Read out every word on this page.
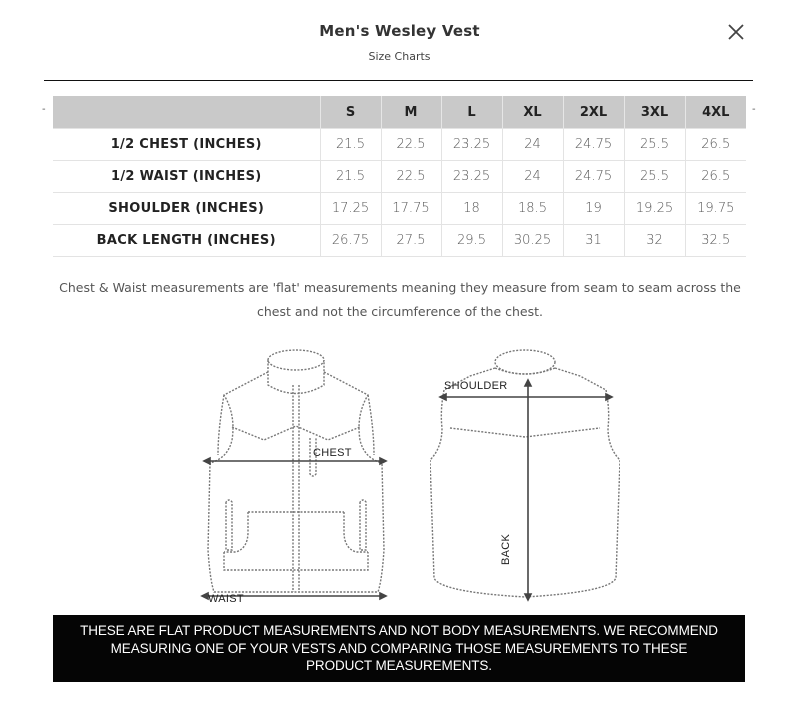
Men's Wesley Vest
Size Charts
-	-
	S	M	L	XL	2XL	3XL	4XL
1/2 CHEST (INCHES)	21.5	22.5	23.25	24	24.75	25.5	26.5
1/2 WAIST (INCHES)	21.5	22.5	23.25	24	24.75	25.5	26.5
SHOULDER (INCHES)	17.25	17.75	18	18.5	19	19.25	19.75
BACK LENGTH (INCHES)	26.75	27.5	29.5	30.25	31	32	32.5
Chest & Waist measurements are 'flat' measurements meaning they measure from seam to seam across the chest and not the circumference of the chest.
CHEST
WAIST
SHOULDER
BACK
THESE ARE FLAT PRODUCT MEASUREMENTS AND NOT BODY MEASUREMENTS. WE RECOMMEND MEASURING ONE OF YOUR VESTS AND COMPARING THOSE MEASUREMENTS TO THESE PRODUCT MEASUREMENTS.
